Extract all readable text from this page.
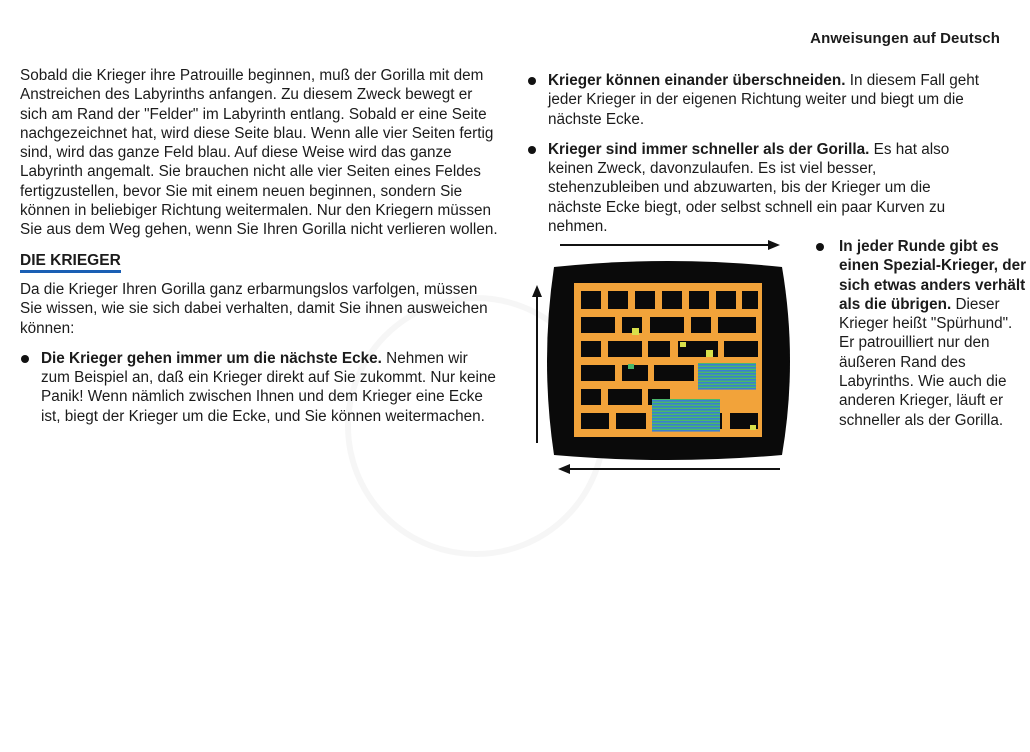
Anweisungen auf Deutsch

Sobald die Krieger ihre Patrouille beginnen, muß der Gorilla mit dem Anstreichen des Labyrinths anfangen. Zu diesem Zweck bewegt er sich am Rand der "Felder" im Labyrinth entlang. Sobald er eine Seite nachgezeichnet hat, wird diese Seite blau. Wenn alle vier Seiten fertig sind, wird das ganze Feld blau. Auf diese Weise wird das ganze Labyrinth angemalt. Sie brauchen nicht alle vier Seiten eines Feldes fertigzustellen, bevor Sie mit einem neuen beginnen, sondern Sie können in beliebiger Richtung weitermalen. Nur den Kriegern müssen Sie aus dem Weg gehen, wenn Sie Ihren Gorilla nicht verlieren wollen.

DIE KRIEGER

Da die Krieger Ihren Gorilla ganz erbarmungslos varfolgen, müssen Sie wissen, wie sie sich dabei verhalten, damit Sie ihnen ausweichen können:

Die Krieger gehen immer um die nächste Ecke. Nehmen wir zum Beispiel an, daß ein Krieger direkt auf Sie zukommt. Nur keine Panik! Wenn nämlich zwischen Ihnen und dem Krieger eine Ecke ist, biegt der Krieger um die Ecke, und Sie können weitermachen.
Krieger können einander überschneiden. In diesem Fall geht jeder Krieger in der eigenen Richtung weiter und biegt um die nächste Ecke.
Krieger sind immer schneller als der Gorilla. Es hat also keinen Zweck, davonzulaufen. Es ist viel besser, stehenzubleiben und abzuwarten, bis der Krieger um die nächste Ecke biegt, oder selbst schnell ein paar Kurven zu nehmen.
In jeder Runde gibt es einen Spezial-Krieger, der sich etwas anders verhält als die übrigen. Dieser Krieger heißt "Spürhund". Er patrouilliert nur den äußeren Rand des Labyrinths. Wie auch die anderen Krieger, läuft er schneller als der Gorilla.
